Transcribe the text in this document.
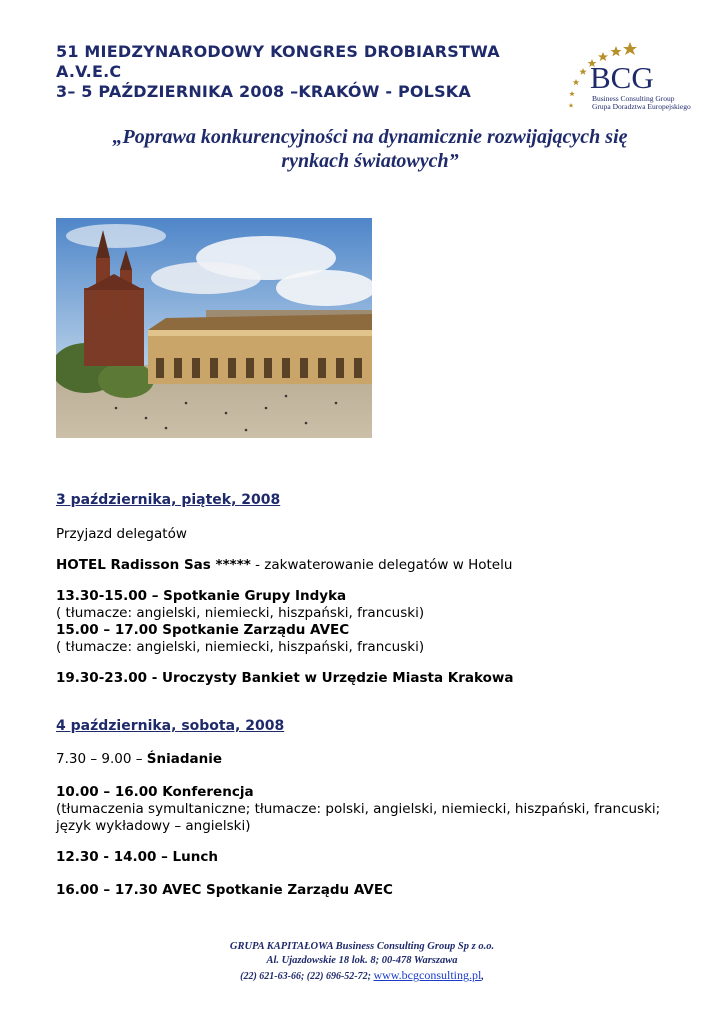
51 MIEDZYNARODOWY KONGRES DROBIARSTWA
A.V.E.C
3– 5 PAŹDZIERNIKA 2008 –KRAKÓW - POLSKA	BCG
Business Consulting Group
Grupa Doradztwa Europejskiego
„Poprawa konkurencyjności na dynamicznie rozwijających się
rynkach światowych”
3 października, piątek, 2008
Przyjazd delegatów
HOTEL Radisson Sas ***** - zakwaterowanie delegatów w Hotelu
13.30-15.00 – Spotkanie Grupy Indyka
( tłumacze: angielski, niemiecki, hiszpański, francuski)
15.00 – 17.00 Spotkanie Zarządu AVEC
( tłumacze: angielski, niemiecki, hiszpański, francuski)
19.30-23.00 - Uroczysty Bankiet w Urzędzie Miasta Krakowa
4 października, sobota, 2008
7.30 – 9.00 – Śniadanie
10.00 – 16.00 Konferencja
(tłumaczenia symultaniczne; tłumacze: polski, angielski, niemiecki, hiszpański, francuski;
język wykładowy – angielski)
12.30 - 14.00 – Lunch
16.00 – 17.30 AVEC Spotkanie Zarządu AVEC
GRUPA KAPITAŁOWA Business Consulting Group Sp z o.o.
Al. Ujazdowskie 18 lok. 8; 00-478 Warszawa
(22) 621-63-66; (22) 696-52-72; www.bcgconsulting.pl,
